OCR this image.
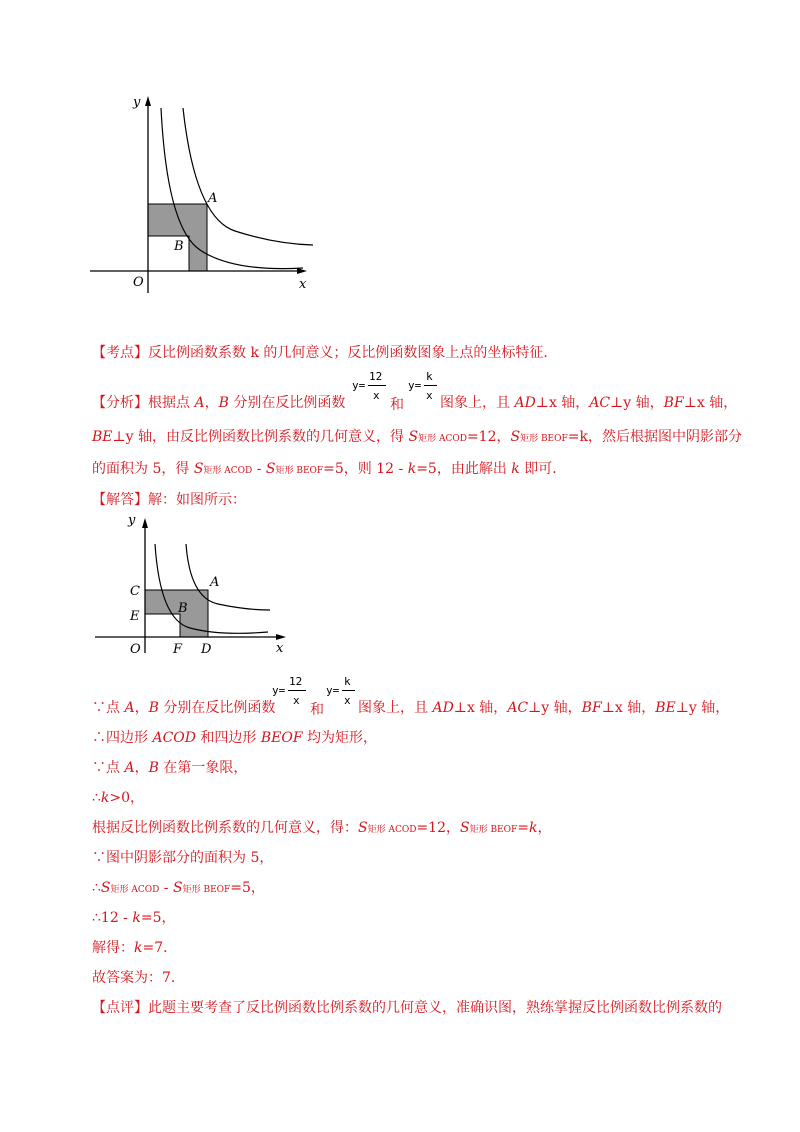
y
x
O
A
B
【考点】反比例函数系数 k 的几何意义；反比例函数图象上点的坐标特征．
【分析】根据点 A，B 分别在反比例函数
y=
12
x
和
y=
k
x 图象上，且 AD⊥x 轴，AC⊥y 轴，BF⊥x 轴，
BE⊥y 轴，由反比例函数比例系数的几何意义，得 S矩形 ACOD=12，S矩形 BEOF=k，然后根据图中阴影部分
的面积为 5，得 S矩形 ACOD - S矩形 BEOF=5，则 12 - k=5，由此解出 k 即可．
【解答】解：如图所示：
y
x
O
A
B
C
E
F D
∵点 A，B 分别在反比例函数
y=
12
x
和
y=
k
x 图象上，且 AD⊥x 轴，AC⊥y 轴，BF⊥x 轴，BE⊥y 轴，
∴四边形 ACOD 和四边形 BEOF 均为矩形，
∵点 A，B 在第一象限，
∴k>0，
根据反比例函数比例系数的几何意义，得：S矩形 ACOD=12，S矩形 BEOF=k，
∵图中阴影部分的面积为 5，
∴S矩形 ACOD - S矩形 BEOF=5，
∴12 - k=5，
解得：k=7．
故答案为：7．
【点评】此题主要考查了反比例函数比例系数的几何意义，准确识图，熟练掌握反比例函数比例系数的
